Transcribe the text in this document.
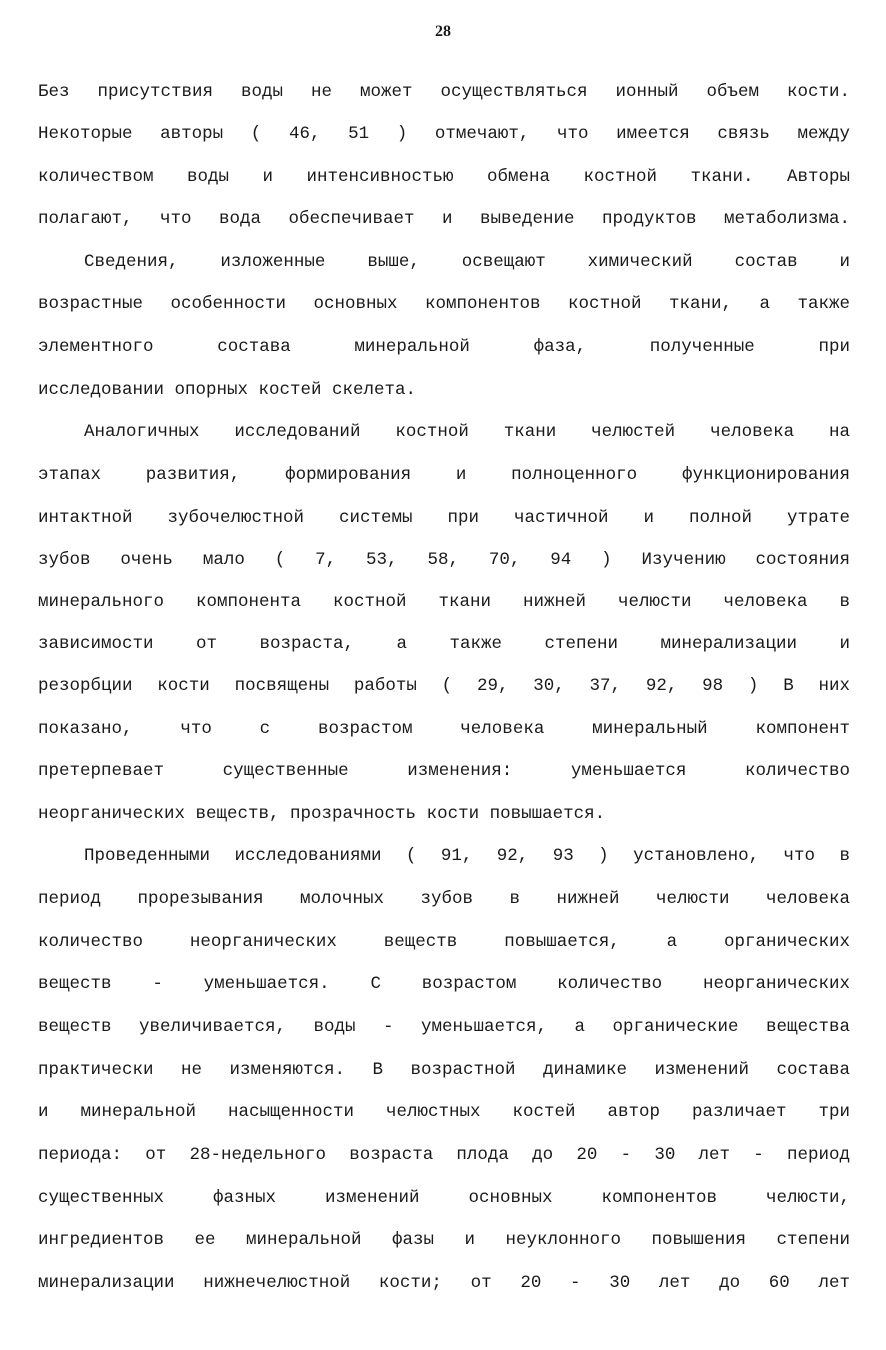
28
Без присутствия воды не может осуществляться ионный объем кости.
Некоторые авторы ( 46, 51 ) отмечают, что имеется связь между
количеством воды и интенсивностью обмена костной ткани. Авторы
полагают, что вода обеспечивает и выведение продуктов метаболизма.
Сведения, изложенные выше, освещают химический состав и
возрастные особенности основных компонентов костной ткани, а также
элементного состава минеральной фаза, полученные при
исследовании опорных костей скелета.
Аналогичных исследований костной ткани челюстей человека на
этапах развития, формирования и полноценного функционирования
интактной зубочелюстной системы при частичной и полной утрате
зубов очень мало ( 7, 53, 58, 70, 94 ) Изучению состояния
минерального компонента костной ткани нижней челюсти человека в
зависимости от возраста, а также степени минерализации и
резорбции кости посвящены работы ( 29, 30, 37, 92, 98 ) В них
показано, что с возрастом человека минеральный компонент
претерпевает существенные изменения: уменьшается количество
неорганических веществ, прозрачность кости повышается.
Проведенными исследованиями ( 91, 92, 93 ) установлено, что в
период прорезывания молочных зубов в нижней челюсти человека
количество неорганических веществ повышается, а органических
веществ - уменьшается. С возрастом количество неорганических
веществ увеличивается, воды - уменьшается, а органические вещества
практически не изменяются. В возрастной динамике изменений состава
и минеральной насыщенности челюстных костей автор различает три
периода: от 28-недельного возраста плода до 20 - 30 лет - период
существенных фазных изменений основных компонентов челюсти,
ингредиентов ее минеральной фазы и неуклонного повышения степени
минерализации нижнечелюстной кости; от 20 - 30 лет до 60 лет
